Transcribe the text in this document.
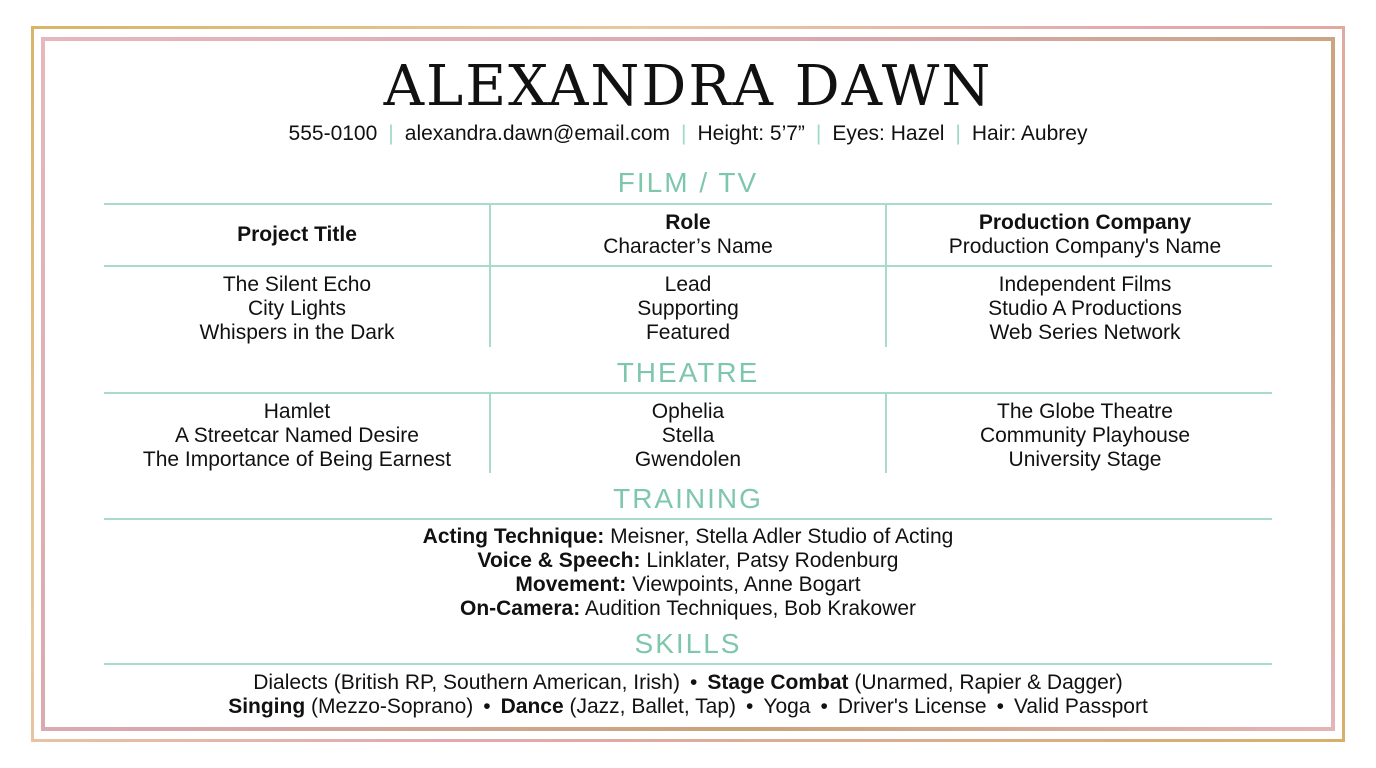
ALEXANDRA DAWN
555-0100 | alexandra.dawn@email.com | Height: 5’7” | Eyes: Hazel | Hair: Aubrey
FILM / TV
Project Title
Role
Character’s Name
Production Company
Production Company's Name
The Silent Echo
City Lights
Whispers in the Dark
Lead
Supporting
Featured
Independent Films
Studio A Productions
Web Series Network
THEATRE
Hamlet
A Streetcar Named Desire
The Importance of Being Earnest
Ophelia
Stella
Gwendolen
The Globe Theatre
Community Playhouse
University Stage
TRAINING
Acting Technique: Meisner, Stella Adler Studio of Acting
Voice & Speech: Linklater, Patsy Rodenburg
Movement: Viewpoints, Anne Bogart
On-Camera: Audition Techniques, Bob Krakower
SKILLS
Dialects (British RP, Southern American, Irish) • Stage Combat (Unarmed, Rapier & Dagger)
Singing (Mezzo-Soprano) • Dance (Jazz, Ballet, Tap) • Yoga • Driver's License • Valid Passport
